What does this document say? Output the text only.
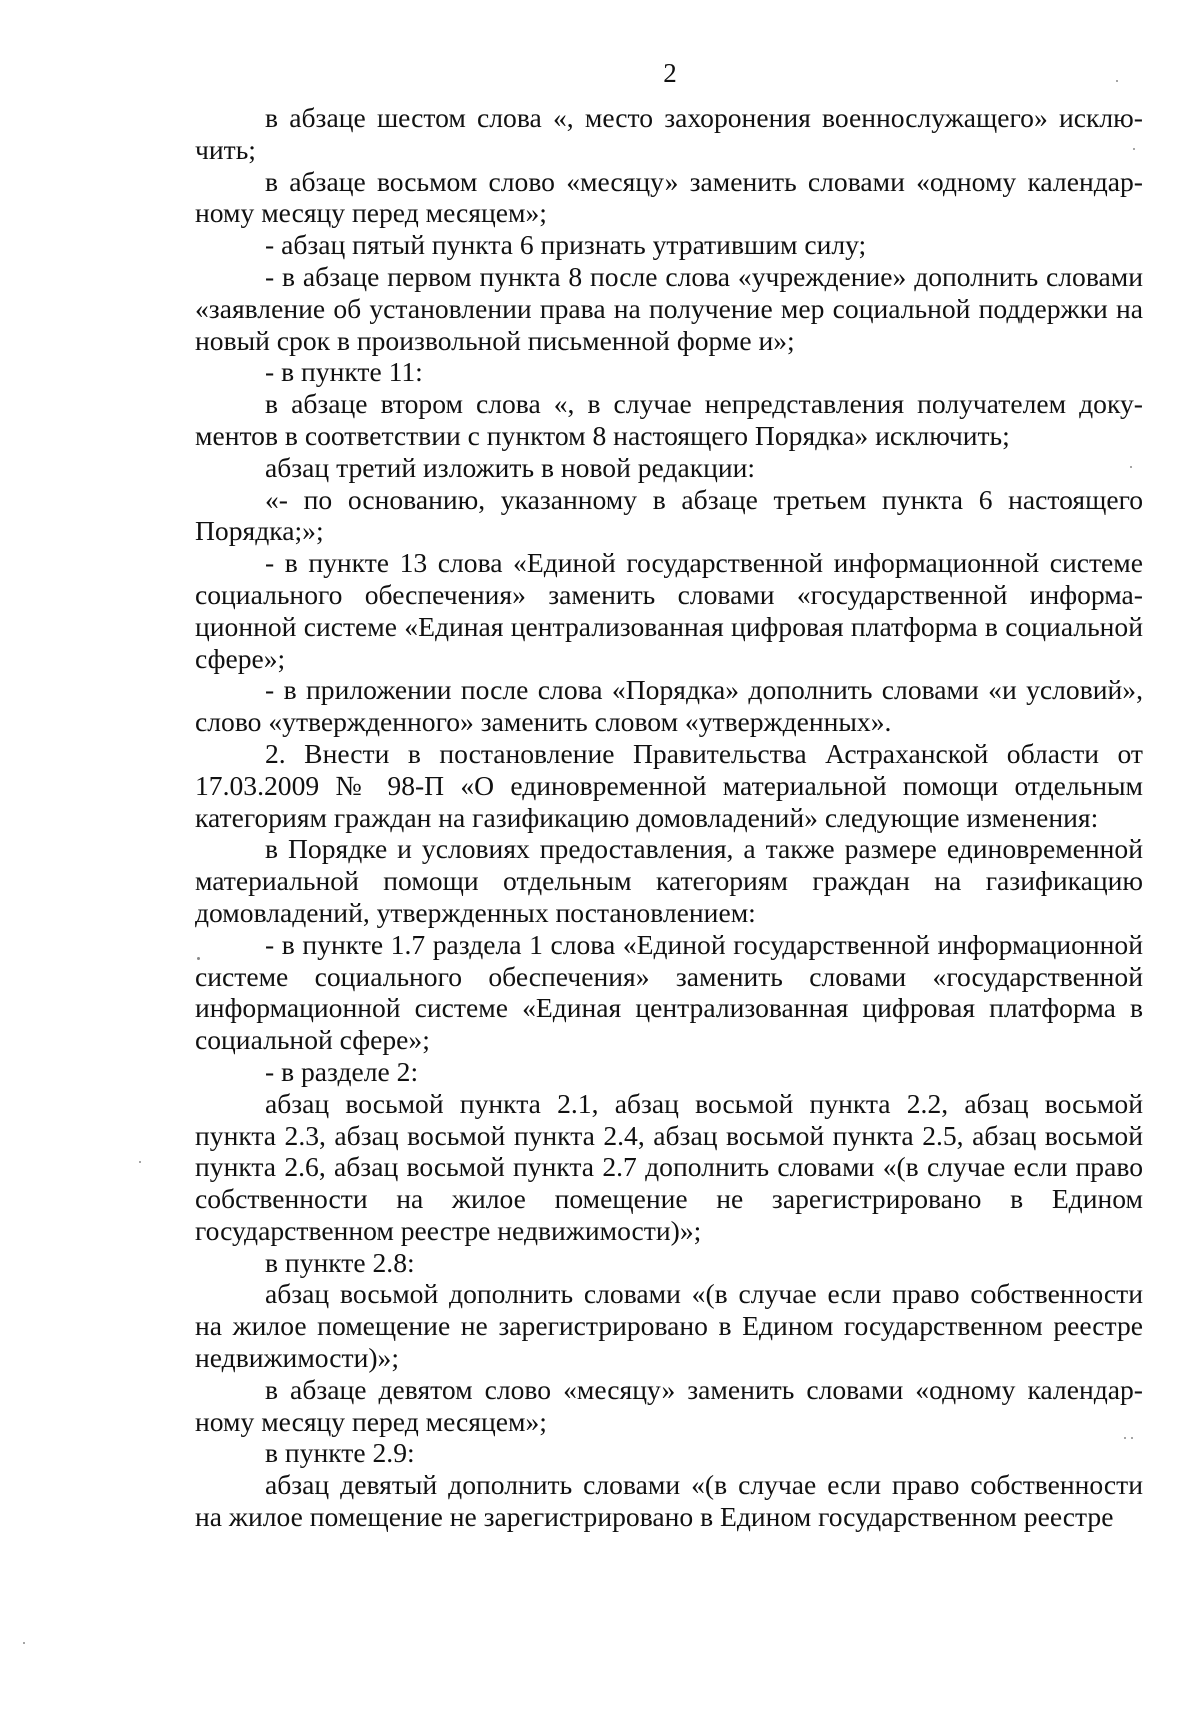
2

в абзаце шестом слова «, место захоронения военнослужащего» исключить;

в абзаце восьмом слово «месяцу» заменить словами «одному календарному месяцу перед месяцем»;

- абзац пятый пункта 6 признать утратившим силу;

- в абзаце первом пункта 8 после слова «учреждение» дополнить словами «заявление об установлении права на получение мер социальной поддержки на новый срок в произвольной письменной форме и»;

- в пункте 11:

в абзаце втором слова «, в случае непредставления получателем документов в соответствии с пунктом 8 настоящего Порядка» исключить;

абзац третий изложить в новой редакции:

«- по основанию, указанному в абзаце третьем пункта 6 настоящего Порядка;»;

- в пункте 13 слова «Единой государственной информационной системе социального обеспечения» заменить словами «государственной информационной системе «Единая централизованная цифровая платформа в социальной сфере»;

- в приложении после слова «Порядка» дополнить словами «и условий», слово «утвержденного» заменить словом «утвержденных».

2. Внести в постановление Правительства Астраханской области от 17.03.2009 № 98-П «О единовременной материальной помощи отдельным категориям граждан на газификацию домовладений» следующие изменения:

в Порядке и условиях предоставления, а также размере единовременной материальной помощи отдельным категориям граждан на газификацию домовладений, утвержденных постановлением:

- в пункте 1.7 раздела 1 слова «Единой государственной информационной системе социального обеспечения» заменить словами «государственной информационной системе «Единая централизованная цифровая платформа в социальной сфере»;

- в разделе 2:

абзац восьмой пункта 2.1, абзац восьмой пункта 2.2, абзац восьмой пункта 2.3, абзац восьмой пункта 2.4, абзац восьмой пункта 2.5, абзац восьмой пункта 2.6, абзац восьмой пункта 2.7 дополнить словами «(в случае если право собственности на жилое помещение не зарегистрировано в Едином государственном реестре недвижимости)»;

в пункте 2.8:

абзац восьмой дополнить словами «(в случае если право собственности на жилое помещение не зарегистрировано в Едином государственном реестре недвижимости)»;

в абзаце девятом слово «месяцу» заменить словами «одному календарному месяцу перед месяцем»;

в пункте 2.9:

абзац девятый дополнить словами «(в случае если право собственности на жилое помещение не зарегистрировано в Едином государственном реестре
